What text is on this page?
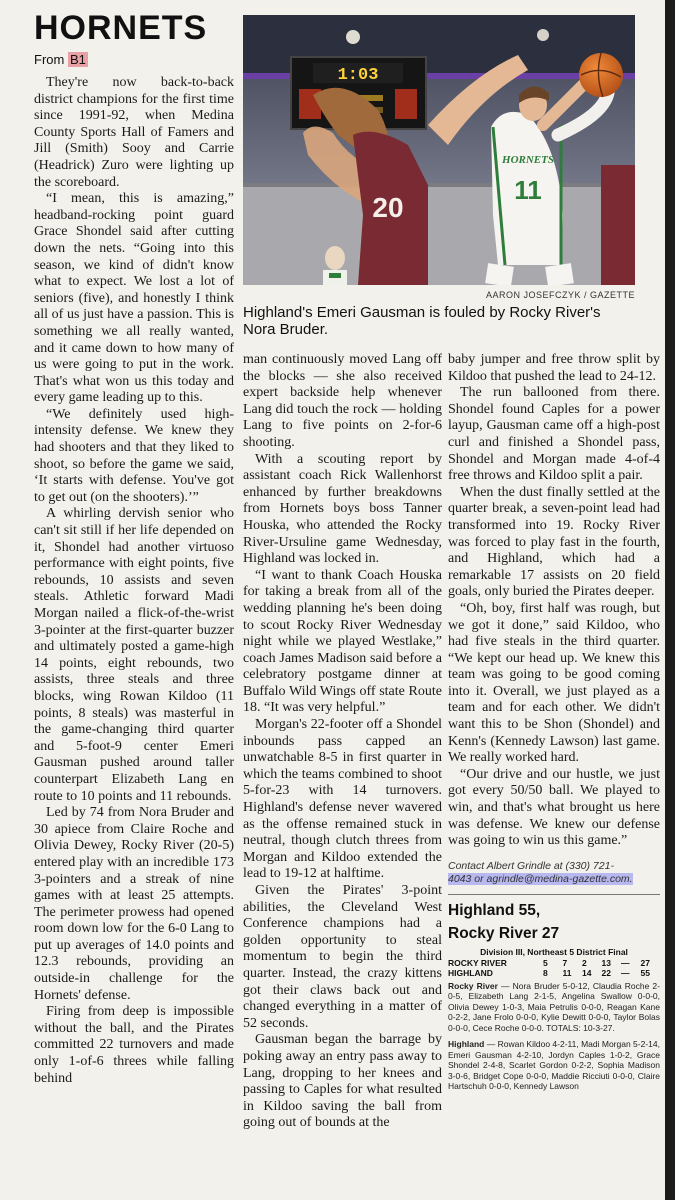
HORNETS
From B1

They're now back-to-back district champions for the first time since 1991-92, when Medina County Sports Hall of Famers and Jill (Smith) Sooy and Carrie (Headrick) Zuro were lighting up the scoreboard.

“I mean, this is amazing,” headband-rocking point guard Grace Shondel said after cutting down the nets. “Going into this season, we kind of didn't know what to expect. We lost a lot of seniors (five), and honestly I think all of us just have a passion. This is something we all really wanted, and it came down to how many of us were going to put in the work. That's what won us this today and every game leading up to this.

“We definitely used high-intensity defense. We knew they had shooters and that they liked to shoot, so before the game we said, ‘It starts with defense. You've got to get out (on the shooters).’”

A whirling dervish senior who can't sit still if her life depended on it, Shondel had another virtuoso performance with eight points, five rebounds, 10 assists and seven steals. Athletic forward Madi Morgan nailed a flick-of-the-wrist 3-pointer at the first-quarter buzzer and ultimately posted a game-high 14 points, eight rebounds, two assists, three steals and three blocks, wing Rowan Kildoo (11 points, 8 steals) was masterful in the game-changing third quarter and 5-foot-9 center Emeri Gausman pushed around taller counterpart Elizabeth Lang en route to 10 points and 11 rebounds.

Led by 74 from Nora Bruder and 30 apiece from Claire Roche and Olivia Dewey, Rocky River (20-5) entered play with an incredible 173 3-pointers and a streak of nine games with at least 25 attempts. The perimeter prowess had opened room down low for the 6-0 Lang to put up averages of 14.0 points and 12.3 rebounds, providing an outside-in challenge for the Hornets' defense.

Firing from deep is impossible without the ball, and the Pirates committed 22 turnovers and made only 1-of-6 threes while falling behind

1:03
20
HORNETS
11
AARON JOSEFCZYK / GAZETTE
Highland's Emeri Gausman is fouled by Rocky River's Nora Bruder.

man continuously moved Lang off the blocks — she also received expert backside help whenever Lang did touch the rock — holding Lang to five points on 2-for-6 shooting.

With a scouting report by assistant coach Rick Wallenhorst enhanced by further breakdowns from Hornets boys boss Tanner Houska, who attended the Rocky River-Ursuline game Wednesday, Highland was locked in.

“I want to thank Coach Houska for taking a break from all of the wedding planning he's been doing to scout Rocky River Wednesday night while we played Westlake,” coach James Madison said before a celebratory postgame dinner at Buffalo Wild Wings off state Route 18. “It was very helpful.”

Morgan's 22-footer off a Shondel inbounds pass capped an unwatchable 8-5 in first quarter in which the teams combined to shoot 5-for-23 with 14 turnovers. Highland's defense never wavered as the offense remained stuck in neutral, though clutch threes from Morgan and Kildoo extended the lead to 19-12 at halftime.

Given the Pirates' 3-point abilities, the Cleveland West Conference champions had a golden opportunity to steal momentum to begin the third quarter. Instead, the crazy kittens got their claws back out and changed everything in a matter of 52 seconds.

Gausman began the barrage by poking away an entry pass away to Lang, dropping to her knees and passing to Caples for what resulted in Kildoo saving the ball from going out of bounds at the

baby jumper and free throw split by Kildoo that pushed the lead to 24-12.

The run ballooned from there. Shondel found Caples for a power layup, Gausman came off a high-post curl and finished a Shondel pass, Shondel and Morgan made 4-of-4 free throws and Kildoo split a pair.

When the dust finally settled at the quarter break, a seven-point lead had transformed into 19. Rocky River was forced to play fast in the fourth, and Highland, which had a remarkable 17 assists on 20 field goals, only buried the Pirates deeper.

“Oh, boy, first half was rough, but we got it done,” said Kildoo, who had five steals in the third quarter. “We kept our head up. We knew this team was going to be good coming into it. Overall, we just played as a team and for each other. We didn't want this to be Shon (Shondel) and Kenn's (Kennedy Lawson) last game. We really worked hard.

“Our drive and our hustle, we just got every 50/50 ball. We played to win, and that's what brought us here was defense. We knew our defense was going to win us this game.”

Contact Albert Grindle at (330) 721-
4043 or agrindle@medina-gazette.com.
Highland 55,
Rocky River 27
Division III, Northeast 5 District Final
ROCKY RIVER	5	7	2	13	—	27
HIGHLAND	8	11	14	22	—	55

Rocky River — Nora Bruder 5-0-12, Claudia Roche 2-0-5, Elizabeth Lang 2-1-5, Angelina Swallow 0-0-0, Olivia Dewey 1-0-3, Maia Petrulis 0-0-0, Reagan Kane 0-2-2, Jane Frolo 0-0-0, Kylie Dewitt 0-0-0, Taylor Bolas 0-0-0, Cece Roche 0-0-0. TOTALS: 10-3-27.

Highland — Rowan Kildoo 4-2-11, Madi Morgan 5-2-14, Emeri Gausman 4-2-10, Jordyn Caples 1-0-2, Grace Shondel 2-4-8, Scarlet Gordon 0-2-2, Sophia Madison 3-0-6, Bridget Cope 0-0-0, Maddie Ricciuti 0-0-0, Claire Hartschuh 0-0-0, Kennedy Lawson
